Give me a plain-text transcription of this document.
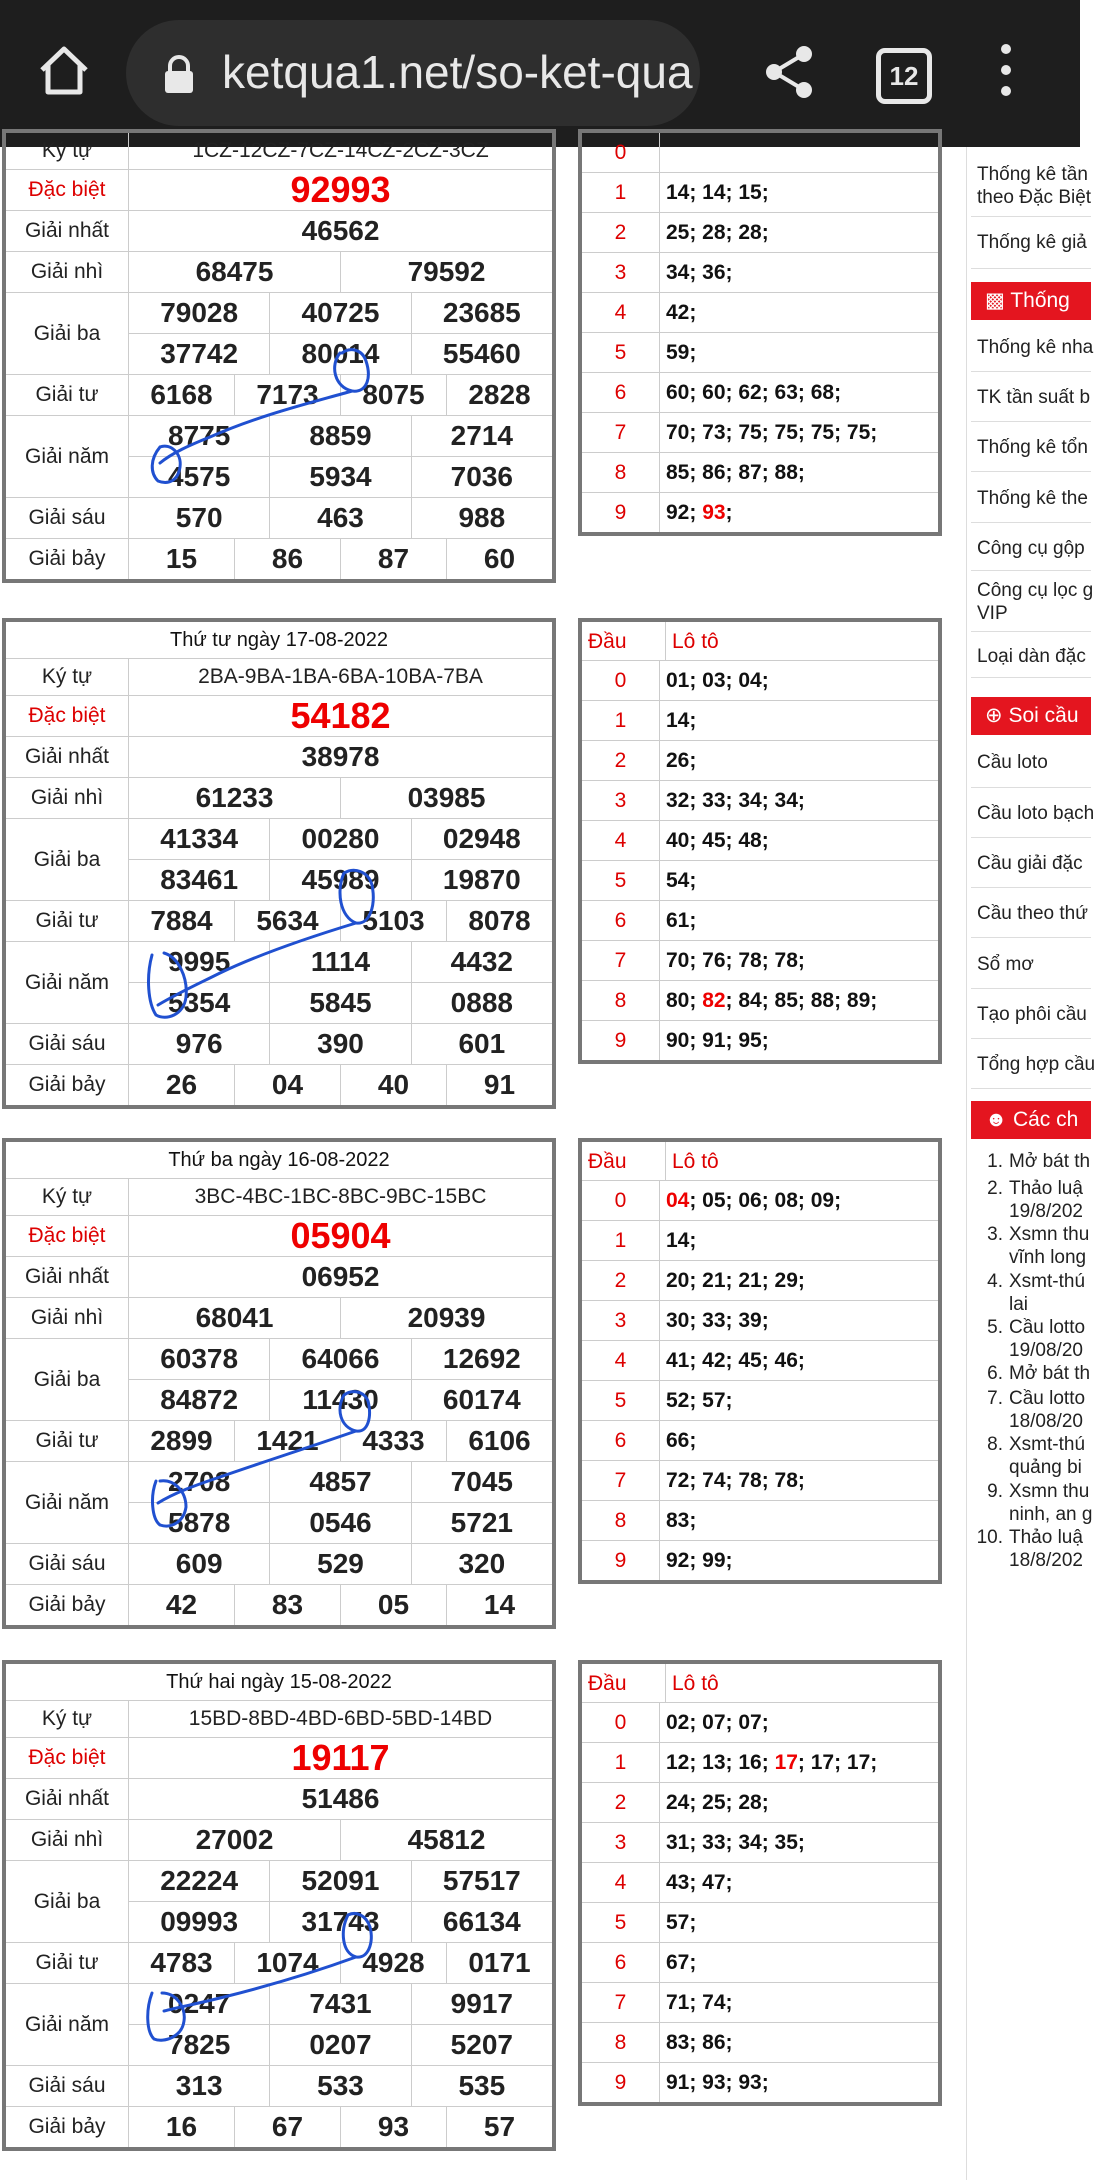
ketqua1.net/so-ket-qua	12
Ký tự	1CZ-12CZ-7CZ-14CZ-2CZ-3CZ
Đặc biệt	92993
Giải nhất	46562
Giải nhì	68475	79592
Giải ba
79028	40725	23685
37742	80014	55460
Giải tư	6168	7173	8075	2828
Giải năm
8775	8859	2714
4575	5934	7036
Giải sáu	570	463	988
Giải bảy	15	86	87	60
0
1	14; 14; 15;
2	25; 28; 28;
3	34; 36;
4	42;
5	59;
6	60; 60; 62; 63; 68;
7	70; 73; 75; 75; 75; 75;
8	85; 86; 87; 88;
9	92; 93;
Thứ tư ngày 17-08-2022
Ký tự	2BA-9BA-1BA-6BA-10BA-7BA
Đặc biệt	54182
Giải nhất	38978
Giải nhì	61233	03985
Giải ba
41334	00280	02948
83461	45989	19870
Giải tư	7884	5634	5103	8078
Giải năm
9995	1114	4432
5354	5845	0888
Giải sáu	976	390	601
Giải bảy	26	04	40	91
Đầu	Lô tô
0	01; 03; 04;
1	14;
2	26;
3	32; 33; 34; 34;
4	40; 45; 48;
5	54;
6	61;
7	70; 76; 78; 78;
8	80; 82; 84; 85; 88; 89;
9	90; 91; 95;
Thứ ba ngày 16-08-2022
Ký tự	3BC-4BC-1BC-8BC-9BC-15BC
Đặc biệt	05904
Giải nhất	06952
Giải nhì	68041	20939
Giải ba
60378	64066	12692
84872	11430	60174
Giải tư	2899	1421	4333	6106
Giải năm
2708	4857	7045
5878	0546	5721
Giải sáu	609	529	320
Giải bảy	42	83	05	14
Đầu	Lô tô
0	04; 05; 06; 08; 09;
1	14;
2	20; 21; 21; 29;
3	30; 33; 39;
4	41; 42; 45; 46;
5	52; 57;
6	66;
7	72; 74; 78; 78;
8	83;
9	92; 99;
Thứ hai ngày 15-08-2022
Ký tự	15BD-8BD-4BD-6BD-5BD-14BD
Đặc biệt	19117
Giải nhất	51486
Giải nhì	27002	45812
Giải ba
22224	52091	57517
09993	31743	66134
Giải tư	4783	1074	4928	0171
Giải năm
0247	7431	9917
7825	0207	5207
Giải sáu	313	533	535
Giải bảy	16	67	93	57
Đầu	Lô tô
0	02; 07; 07;
1	12; 13; 16; 17; 17; 17;
2	24; 25; 28;
3	31; 33; 34; 35;
4	43; 47;
5	57;
6	67;
7	71; 74;
8	83; 86;
9	91; 93; 93;
Thống kê tần
theo Đặc Biệt
Thống kê giả
▩ Thống
Thống kê nha
TK tần suất b
Thống kê tổn
Thống kê the
Công cụ gộp
Công cụ lọc g
VIP
Loại dàn đặc
⊕ Soi cầu
Cầu loto
Cầu loto bạch
Cầu giải đặc
Cầu theo thứ
Sổ mơ
Tạo phôi cầu
Tổng hợp cầu
☻ Các ch
1. Mở bát th
2. Thảo luậ
19/8/202
3. Xsmn thu
vĩnh long
4. Xsmt-thú
lai
5. Cầu lotto
19/08/20
6. Mở bát th
7. Cầu lotto
18/08/20
8. Xsmt-thú
quảng bi
9. Xsmn thu
ninh, an g
10. Thảo luậ
18/8/202
